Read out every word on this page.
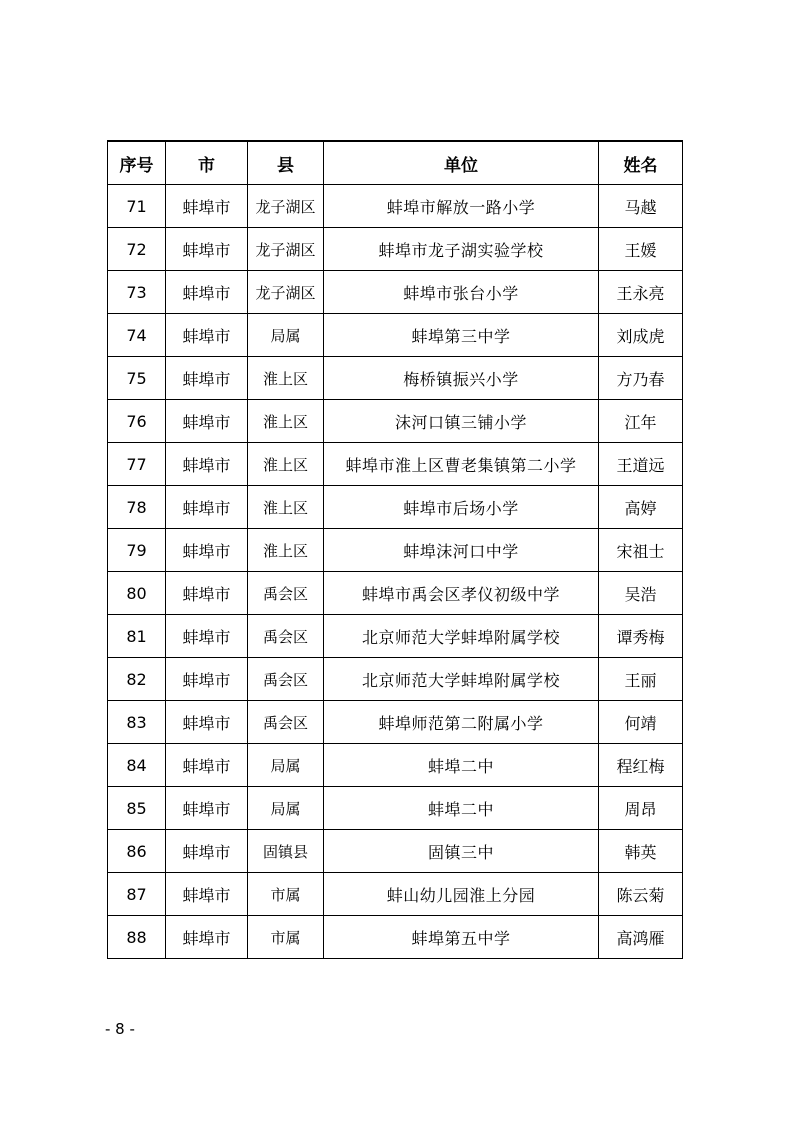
序号	市	县	单位	姓名
71	蚌埠市	龙子湖区	蚌埠市解放一路小学	马越
72	蚌埠市	龙子湖区	蚌埠市龙子湖实验学校	王媛
73	蚌埠市	龙子湖区	蚌埠市张台小学	王永亮
74	蚌埠市	局属	蚌埠第三中学	刘成虎
75	蚌埠市	淮上区	梅桥镇振兴小学	方乃春
76	蚌埠市	淮上区	沫河口镇三铺小学	江年
77	蚌埠市	淮上区	蚌埠市淮上区曹老集镇第二小学	王道远
78	蚌埠市	淮上区	蚌埠市后场小学	高婷
79	蚌埠市	淮上区	蚌埠沫河口中学	宋祖士
80	蚌埠市	禹会区	蚌埠市禹会区孝仪初级中学	吴浩
81	蚌埠市	禹会区	北京师范大学蚌埠附属学校	谭秀梅
82	蚌埠市	禹会区	北京师范大学蚌埠附属学校	王丽
83	蚌埠市	禹会区	蚌埠师范第二附属小学	何靖
84	蚌埠市	局属	蚌埠二中	程红梅
85	蚌埠市	局属	蚌埠二中	周昂
86	蚌埠市	固镇县	固镇三中	韩英
87	蚌埠市	市属	蚌山幼儿园淮上分园	陈云菊
88	蚌埠市	市属	蚌埠第五中学	高鸿雁
- 8 -
